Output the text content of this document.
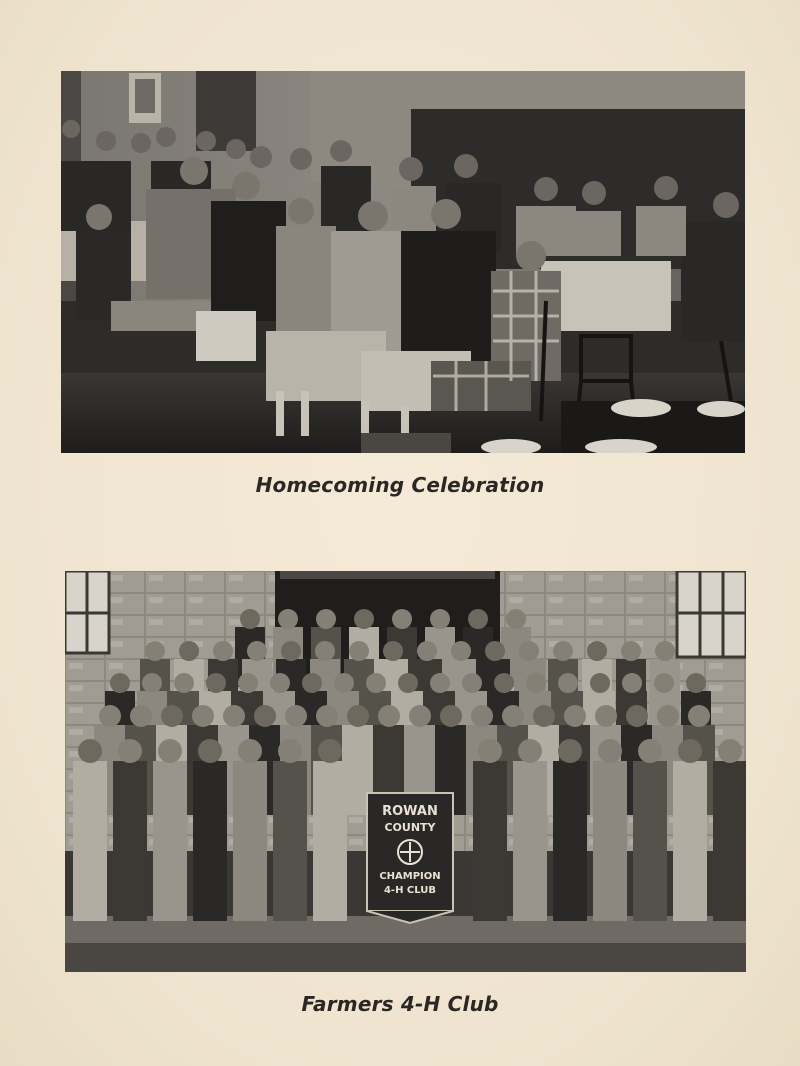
Homecoming Celebration
ROWAN
COUNTY
CHAMPION
4-H CLUB
Farmers 4-H Club
